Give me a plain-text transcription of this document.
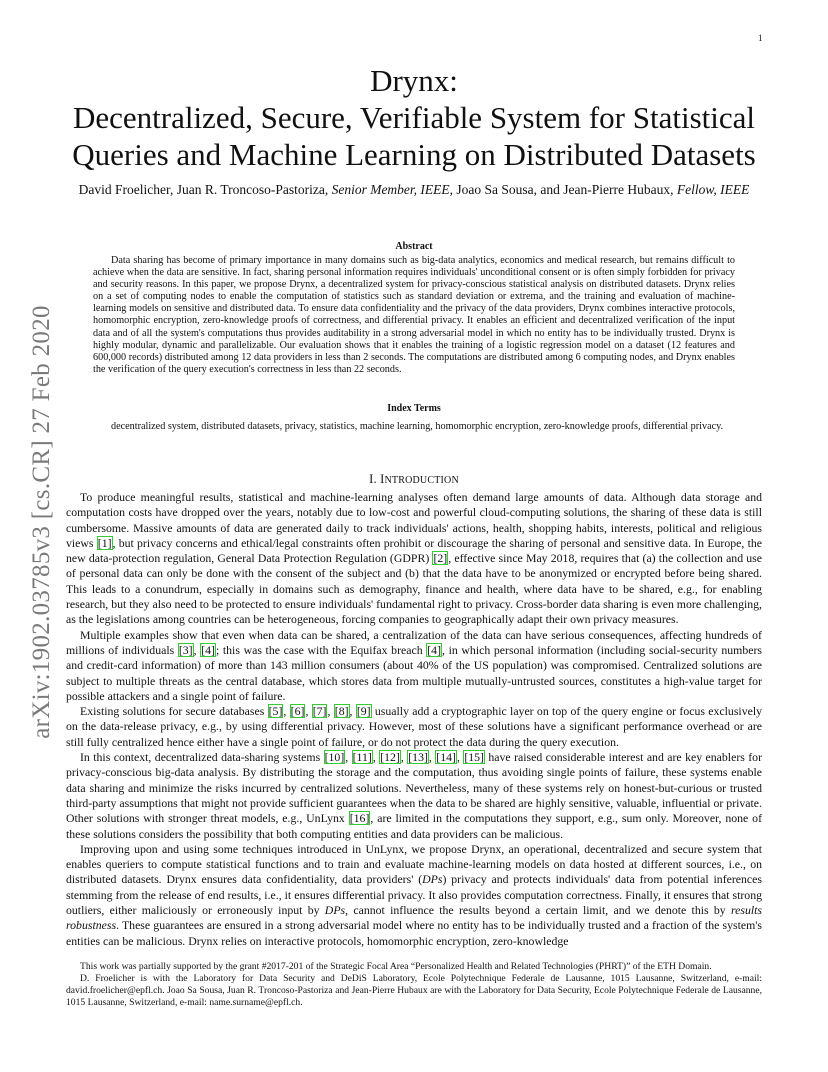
1
arXiv:1902.03785v3 [cs.CR] 27 Feb 2020
Drynx:
Decentralized, Secure, Verifiable System for Statistical
Queries and Machine Learning on Distributed Datasets
David Froelicher, Juan R. Troncoso-Pastoriza, Senior Member, IEEE, Joao Sa Sousa, and Jean-Pierre Hubaux, Fellow, IEEE
Abstract

Data sharing has become of primary importance in many domains such as big-data analytics, economics and medical research, but remains difficult to achieve when the data are sensitive. In fact, sharing personal information requires individuals' unconditional consent or is often simply forbidden for privacy and security reasons. In this paper, we propose Drynx, a decentralized system for privacy-conscious statistical analysis on distributed datasets. Drynx relies on a set of computing nodes to enable the computation of statistics such as standard deviation or extrema, and the training and evaluation of machine-learning models on sensitive and distributed data. To ensure data confidentiality and the privacy of the data providers, Drynx combines interactive protocols, homomorphic encryption, zero-knowledge proofs of correctness, and differential privacy. It enables an efficient and decentralized verification of the input data and of all the system's computations thus provides auditability in a strong adversarial model in which no entity has to be individually trusted. Drynx is highly modular, dynamic and parallelizable. Our evaluation shows that it enables the training of a logistic regression model on a dataset (12 features and 600,000 records) distributed among 12 data providers in less than 2 seconds. The computations are distributed among 6 computing nodes, and Drynx enables the verification of the query execution's correctness in less than 22 seconds.

Index Terms

decentralized system, distributed datasets, privacy, statistics, machine learning, homomorphic encryption, zero-knowledge proofs, differential privacy.

I. INTRODUCTION

To produce meaningful results, statistical and machine-learning analyses often demand large amounts of data. Although data storage and computation costs have dropped over the years, notably due to low-cost and powerful cloud-computing solutions, the sharing of these data is still cumbersome. Massive amounts of data are generated daily to track individuals' actions, health, shopping habits, interests, political and religious views [1], but privacy concerns and ethical/legal constraints often prohibit or discourage the sharing of personal and sensitive data. In Europe, the new data-protection regulation, General Data Protection Regulation (GDPR) [2], effective since May 2018, requires that (a) the collection and use of personal data can only be done with the consent of the subject and (b) that the data have to be anonymized or encrypted before being shared. This leads to a conundrum, especially in domains such as demography, finance and health, where data have to be shared, e.g., for enabling research, but they also need to be protected to ensure individuals' fundamental right to privacy. Cross-border data sharing is even more challenging, as the legislations among countries can be heterogeneous, forcing companies to geographically adapt their own privacy measures.

Multiple examples show that even when data can be shared, a centralization of the data can have serious consequences, affecting hundreds of millions of individuals [3], [4]; this was the case with the Equifax breach [4], in which personal information (including social-security numbers and credit-card information) of more than 143 million consumers (about 40% of the US population) was compromised. Centralized solutions are subject to multiple threats as the central database, which stores data from multiple mutually-untrusted sources, constitutes a high-value target for possible attackers and a single point of failure.

Existing solutions for secure databases [5], [6], [7], [8], [9] usually add a cryptographic layer on top of the query engine or focus exclusively on the data-release privacy, e.g., by using differential privacy. However, most of these solutions have a significant performance overhead or are still fully centralized hence either have a single point of failure, or do not protect the data during the query execution.

In this context, decentralized data-sharing systems [10], [11], [12], [13], [14], [15] have raised considerable interest and are key enablers for privacy-conscious big-data analysis. By distributing the storage and the computation, thus avoiding single points of failure, these systems enable data sharing and minimize the risks incurred by centralized solutions. Nevertheless, many of these systems rely on honest-but-curious or trusted third-party assumptions that might not provide sufficient guarantees when the data to be shared are highly sensitive, valuable, influential or private. Other solutions with stronger threat models, e.g., UnLynx [16], are limited in the computations they support, e.g., sum only. Moreover, none of these solutions considers the possibility that both computing entities and data providers can be malicious.

Improving upon and using some techniques introduced in UnLynx, we propose Drynx, an operational, decentralized and secure system that enables queriers to compute statistical functions and to train and evaluate machine-learning models on data hosted at different sources, i.e., on distributed datasets. Drynx ensures data confidentiality, data providers' (DPs) privacy and protects individuals' data from potential inferences stemming from the release of end results, i.e., it ensures differential privacy. It also provides computation correctness. Finally, it ensures that strong outliers, either maliciously or erroneously input by DPs, cannot influence the results beyond a certain limit, and we denote this by results robustness. These guarantees are ensured in a strong adversarial model where no entity has to be individually trusted and a fraction of the system's entities can be malicious. Drynx relies on interactive protocols, homomorphic encryption, zero-knowledge

This work was partially supported by the grant #2017-201 of the Strategic Focal Area “Personalized Health and Related Technologies (PHRT)” of the ETH Domain.

D. Froelicher is with the Laboratory for Data Security and DeDiS Laboratory, Ecole Polytechnique Federale de Lausanne, 1015 Lausanne, Switzerland, e-mail: david.froelicher@epfl.ch. Joao Sa Sousa, Juan R. Troncoso-Pastoriza and Jean-Pierre Hubaux are with the Laboratory for Data Security, Ecole Polytechnique Federale de Lausanne, 1015 Lausanne, Switzerland, e-mail: name.surname@epfl.ch.
